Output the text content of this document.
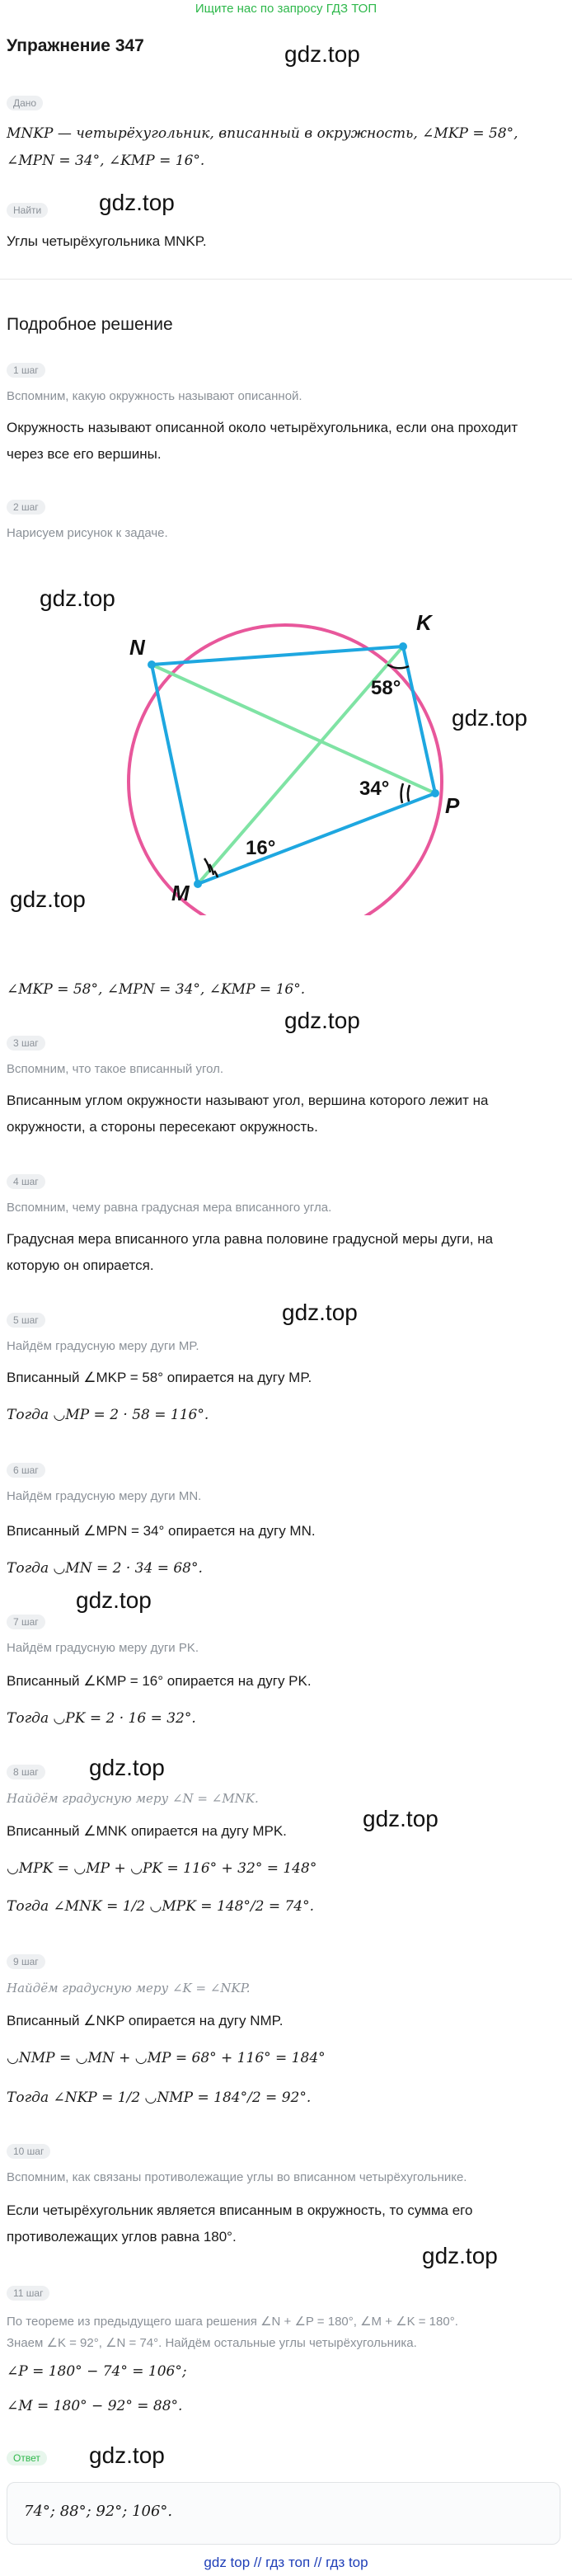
Ищите нас по запросу ГДЗ ТОП
Упражнение 347	gdz.top
gdz.top
gdz.top
gdz.top
gdz.top
gdz.top
gdz.top
gdz.top
gdz.top
gdz.top
gdz.top
gdz.top
Дано
MNKP — четырёхугольник, вписанный в окружность, ∠MKP = 58°,
∠MPN = 34°, ∠KMP = 16°.
Найти
Углы четырёхугольника MNKP.
Подробное решение
1 шаг
Вспомним, какую окружность называют описанной.
Окружность называют описанной около четырёхугольника, если она проходит
через все его вершины.
2 шаг
Нарисуем рисунок к задаче.
N
K
P
M
58°
34°
16°
∠MKP = 58°, ∠MPN = 34°, ∠KMP = 16°.
3 шаг
Вспомним, что такое вписанный угол.
Вписанным углом окружности называют угол, вершина которого лежит на
окружности, а стороны пересекают окружность.
4 шаг
Вспомним, чему равна градусная мера вписанного угла.
Градусная мера вписанного угла равна половине градусной меры дуги, на
которую он опирается.
5 шаг
Найдём градусную меру дуги MP.
Вписанный ∠MKP = 58° опирается на дугу MP.
Тогда ◡MP = 2 · 58 = 116°.
6 шаг
Найдём градусную меру дуги MN.
Вписанный ∠MPN = 34° опирается на дугу MN.
Тогда ◡MN = 2 · 34 = 68°.
7 шаг
Найдём градусную меру дуги PK.
Вписанный ∠KMP = 16° опирается на дугу PK.
Тогда ◡PK = 2 · 16 = 32°.
8 шаг
Найдём градусную меру ∠N = ∠MNK.
Вписанный ∠MNK опирается на дугу MPK.
◡MPK = ◡MP + ◡PK = 116° + 32° = 148°
Тогда ∠MNK = 1/2 ◡MPK = 148°/2 = 74°.
9 шаг
Найдём градусную меру ∠K = ∠NKP.
Вписанный ∠NKP опирается на дугу NMP.
◡NMP = ◡MN + ◡MP = 68° + 116° = 184°
Тогда ∠NKP = 1/2 ◡NMP = 184°/2 = 92°.
10 шаг
Вспомним, как связаны противолежащие углы во вписанном четырёхугольнике.
Если четырёхугольник является вписанным в окружность, то сумма его
противолежащих углов равна 180°.
11 шаг
По теореме из предыдущего шага решения ∠N + ∠P = 180°, ∠M + ∠K = 180°.
Знаем ∠K = 92°, ∠N = 74°. Найдём остальные углы четырёхугольника.
∠P = 180° − 74° = 106°;
∠M = 180° − 92° = 88°.
Ответ
74°; 88°; 92°; 106°.
gdz top // гдз топ // гдз top
